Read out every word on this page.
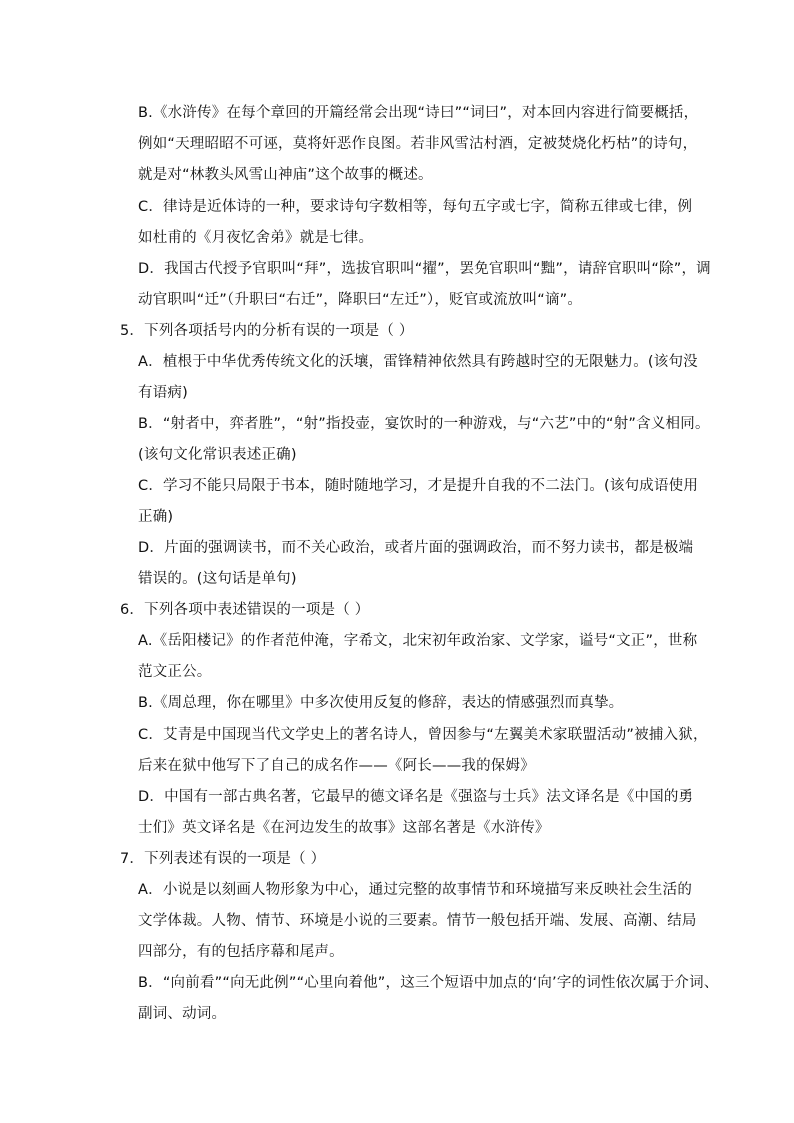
B.《水浒传》在每个章回的开篇经常会出现“诗曰”“词曰”，对本回内容进行简要概括，
例如“天理昭昭不可诬，莫将奸恶作良图。若非风雪沽村酒，定被焚烧化朽枯”的诗句，
就是对“林教头风雪山神庙”这个故事的概述。
C．律诗是近体诗的一种，要求诗句字数相等，每句五字或七字，简称五律或七律，例
如杜甫的《月夜忆舍弟》就是七律。
D．我国古代授予官职叫“拜”，选拔官职叫“擢”，罢免官职叫“黜”，请辞官职叫“除”，调
动官职叫“迁”（升职曰“右迁”，降职曰“左迁”），贬官或流放叫“谪”。
5．下列各项括号内的分析有误的一项是（ ）
A．植根于中华优秀传统文化的沃壤，雷锋精神依然具有跨越时空的无限魅力。(该句没
有语病)
B．“射者中，弈者胜”，“射”指投壶，宴饮时的一种游戏，与“六艺”中的“射”含义相同。
(该句文化常识表述正确)
C．学习不能只局限于书本，随时随地学习，才是提升自我的不二法门。(该句成语使用
正确)
D．片面的强调读书，而不关心政治，或者片面的强调政治，而不努力读书，都是极端
错误的。(这句话是单句)
6．下列各项中表述错误的一项是（ ）
A.《岳阳楼记》的作者范仲淹，字希文，北宋初年政治家、文学家，谥号“文正”，世称
范文正公。
B.《周总理，你在哪里》中多次使用反复的修辞，表达的情感强烈而真挚。
C．艾青是中国现当代文学史上的著名诗人，曾因参与“左翼美术家联盟活动”被捕入狱，
后来在狱中他写下了自己的成名作——《阿长——我的保姆》
D．中国有一部古典名著，它最早的德文译名是《强盗与士兵》法文译名是《中国的勇
士们》英文译名是《在河边发生的故事》这部名著是《水浒传》
7．下列表述有误的一项是（ ）
A．小说是以刻画人物形象为中心，通过完整的故事情节和环境描写来反映社会生活的
文学体裁。人物、情节、环境是小说的三要素。情节一般包括开端、发展、高潮、结局
四部分，有的包括序幕和尾声。
B．“向前看”“向无此例”“心里向着他”，这三个短语中加点的‘向’字的词性依次属于介词、
副词、动词。
